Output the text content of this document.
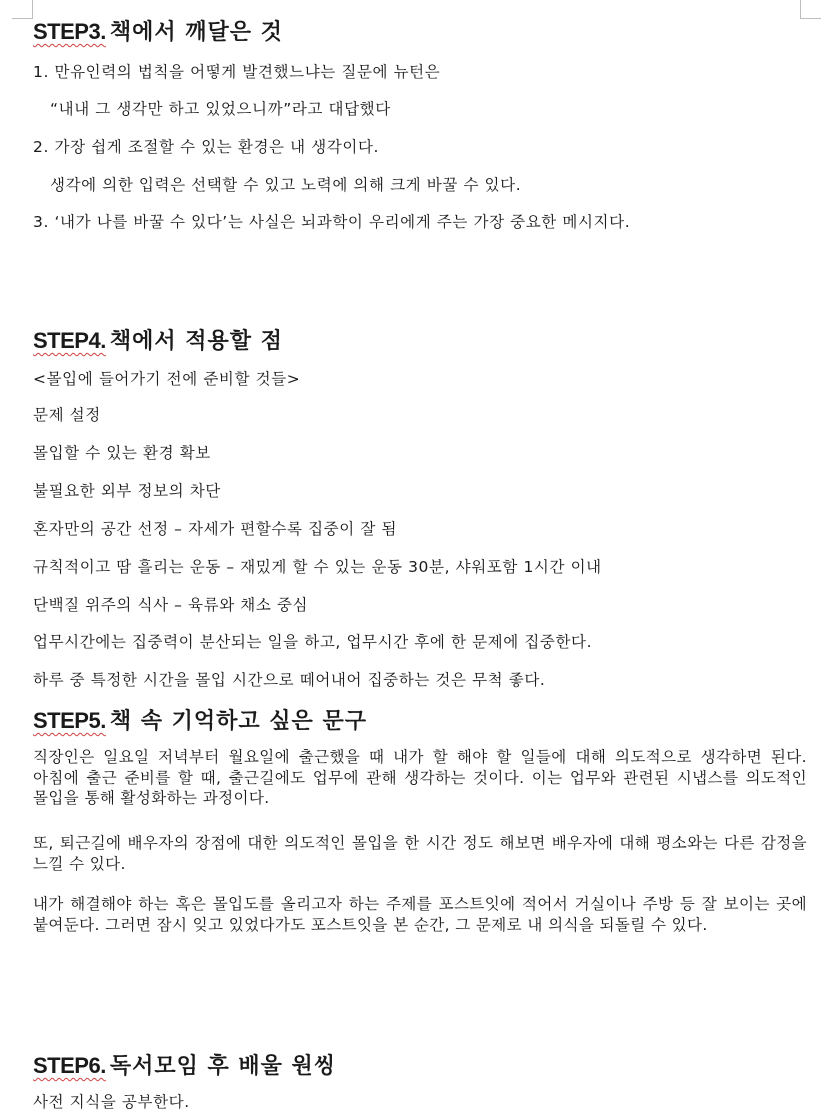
STEP3. 책에서 깨달은 것
1. 만유인력의 법칙을 어떻게 발견했느냐는 질문에 뉴턴은
“내내 그 생각만 하고 있었으니까”라고 대답했다
2. 가장 쉽게 조절할 수 있는 환경은 내 생각이다.
생각에 의한 입력은 선택할 수 있고 노력에 의해 크게 바꿀 수 있다.
3. ‘내가 나를 바꿀 수 있다’는 사실은 뇌과학이 우리에게 주는 가장 중요한 메시지다.
STEP4. 책에서 적용할 점
<몰입에 들어가기 전에 준비할 것들>
문제 설정
몰입할 수 있는 환경 확보
불필요한 외부 정보의 차단
혼자만의 공간 선정 – 자세가 편할수록 집중이 잘 됨
규칙적이고 땀 흘리는 운동 – 재밌게 할 수 있는 운동 30분, 샤워포함 1시간 이내
단백질 위주의 식사 – 육류와 채소 중심
업무시간에는 집중력이 분산되는 일을 하고, 업무시간 후에 한 문제에 집중한다.
하루 중 특정한 시간을 몰입 시간으로 떼어내어 집중하는 것은 무척 좋다.
STEP5. 책 속 기억하고 싶은 문구
직장인은 일요일 저녁부터 월요일에 출근했을 때 내가 할 해야 할 일들에 대해 의도적으로 생각하면 된다. 아침에 출근 준비를 할 때, 출근길에도 업무에 관해 생각하는 것이다. 이는 업무와 관련된 시냅스를 의도적인 몰입을 통해 활성화하는 과정이다.
또, 퇴근길에 배우자의 장점에 대한 의도적인 몰입을 한 시간 정도 해보면 배우자에 대해 평소와는 다른 감정을 느낄 수 있다.
내가 해결해야 하는 혹은 몰입도를 올리고자 하는 주제를 포스트잇에 적어서 거실이나 주방 등 잘 보이는 곳에 붙여둔다. 그러면 잠시 잊고 있었다가도 포스트잇을 본 순간, 그 문제로 내 의식을 되돌릴 수 있다.
STEP6. 독서모임 후 배울 원씽
사전 지식을 공부한다.
